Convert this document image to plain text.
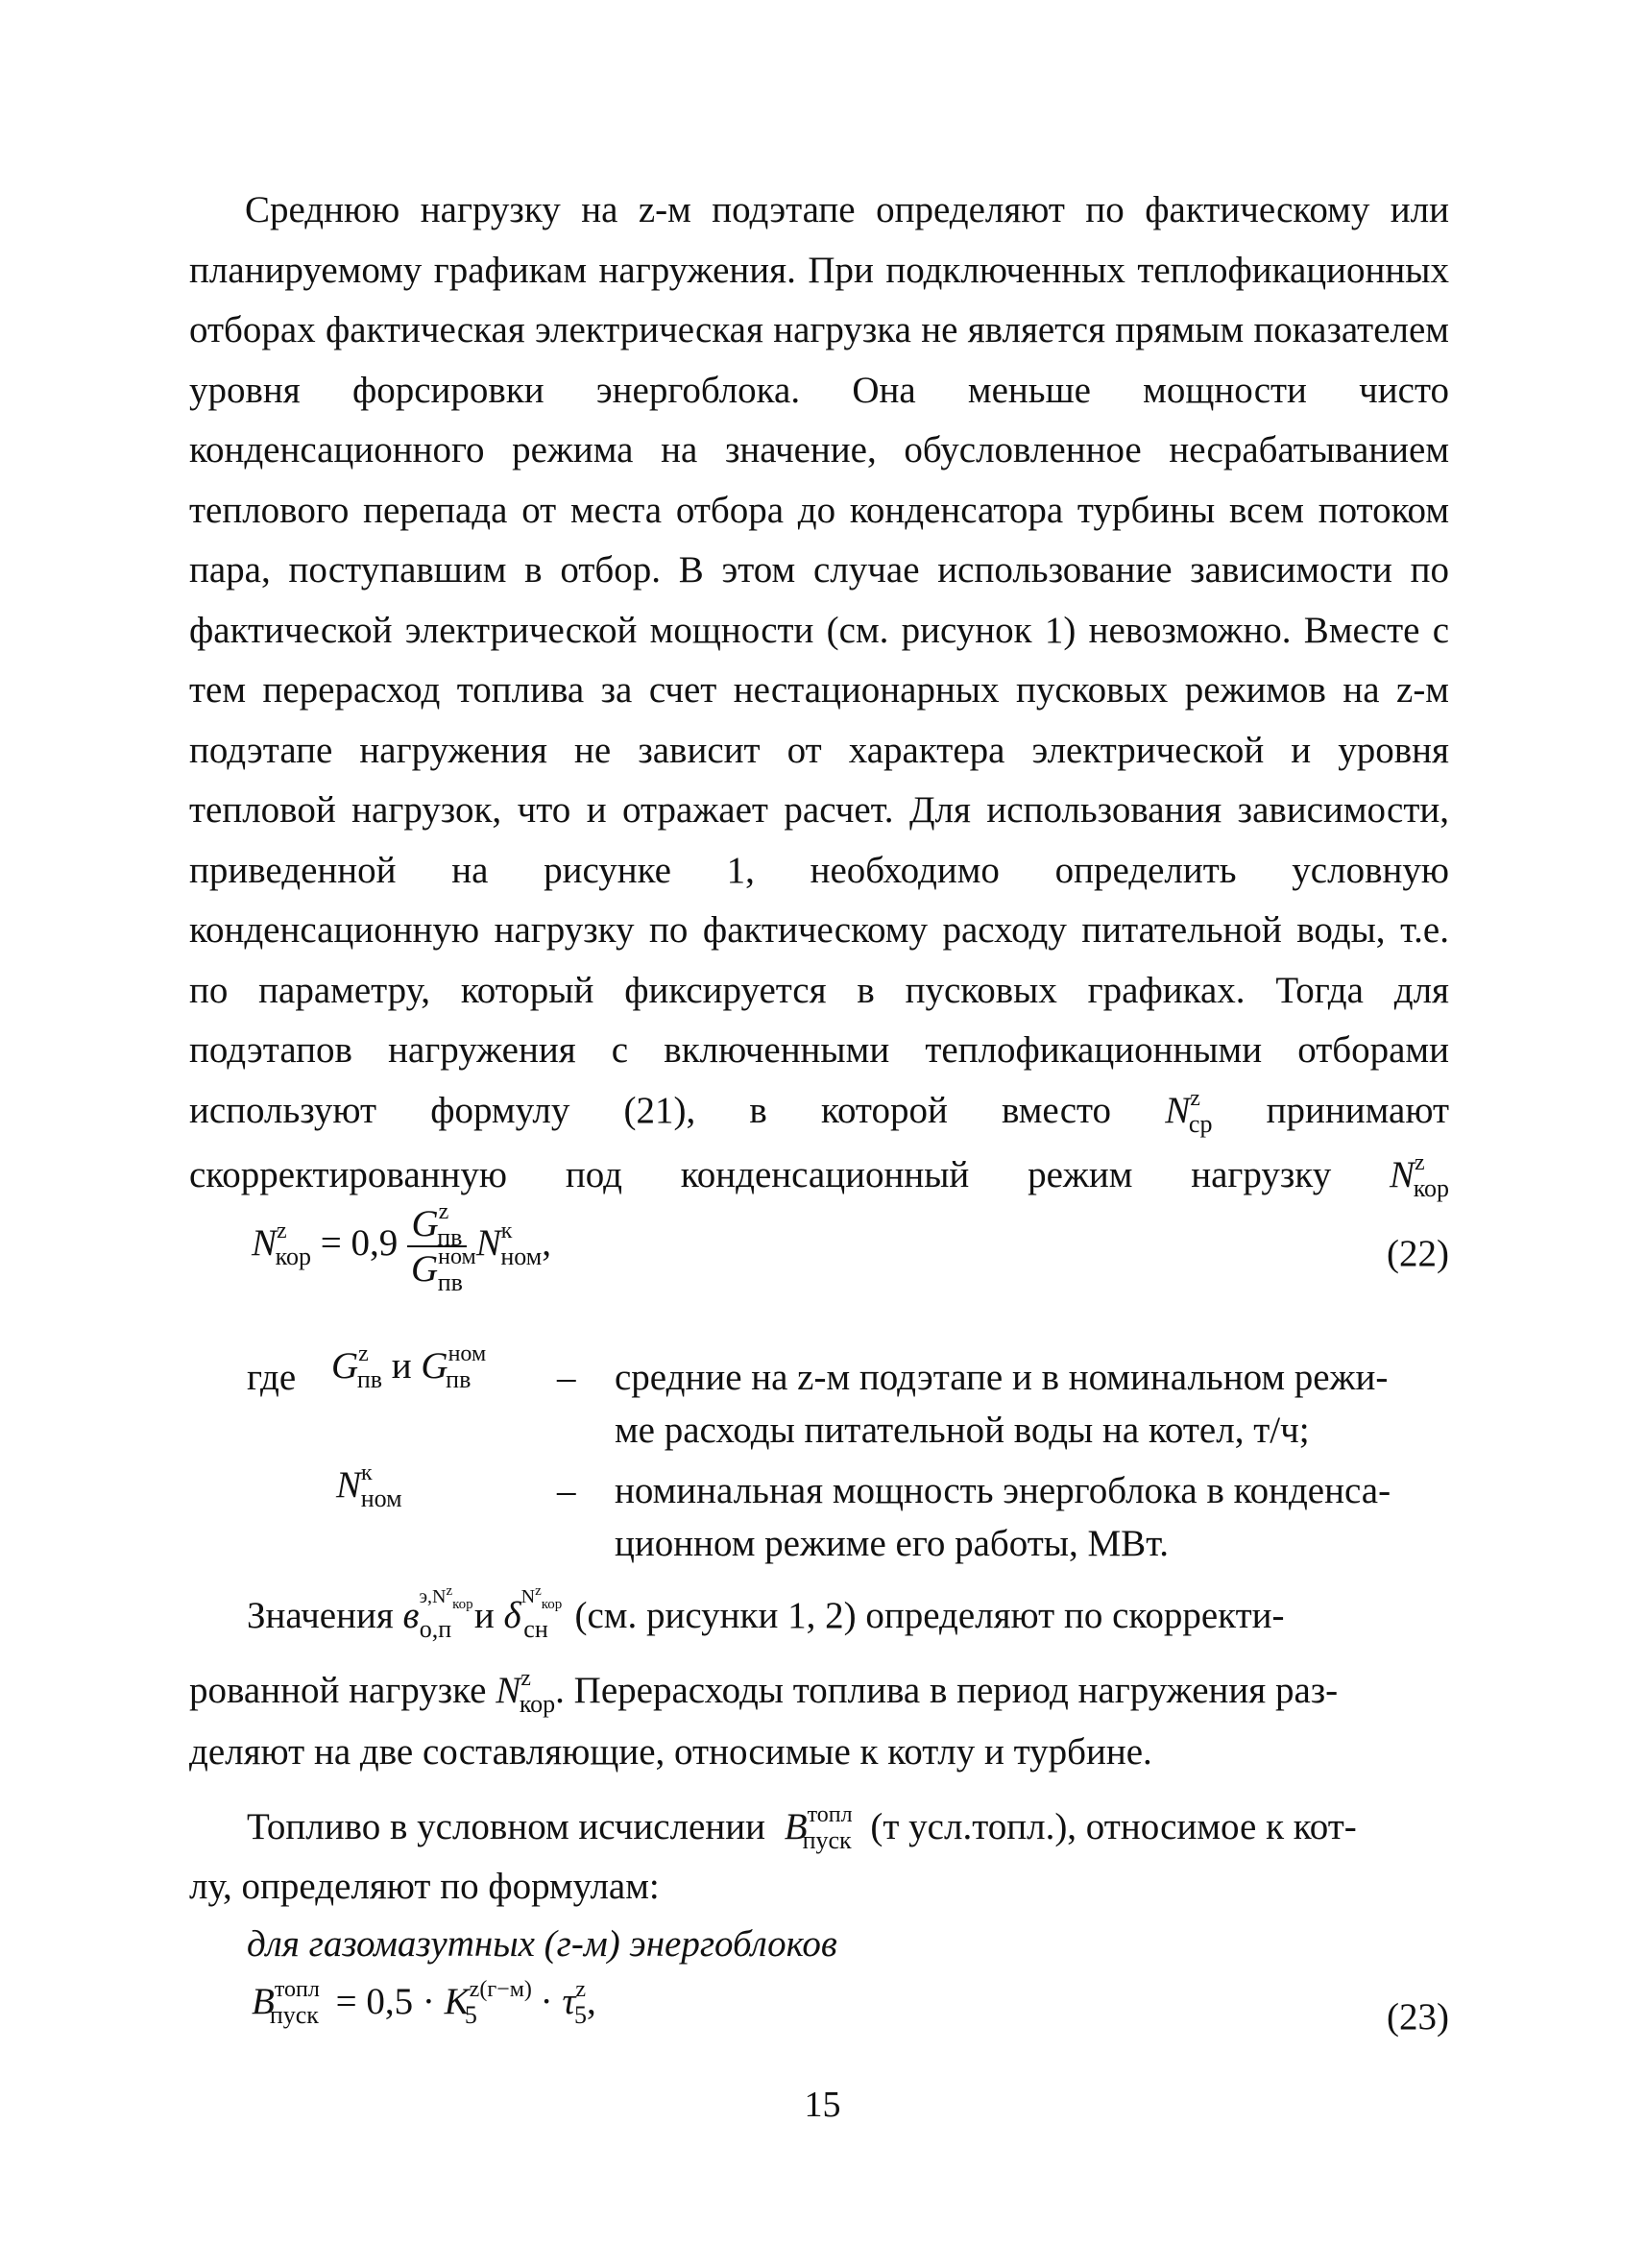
Среднюю нагрузку на z-м подэтапе определяют по фактическому или планируемому графикам нагружения. При подключенных теплофикационных отборах фактическая электрическая нагрузка не является прямым показателем уровня форсировки энергоблока. Она меньше мощности чисто конденсационного режима на значение, обусловленное несрабатыванием теплового перепада от места отбора до конденсатора турбины всем потоком пара, поступавшим в отбор. В этом случае использование зависимости по фактической электрической мощности (см. рисунок 1) невозможно. Вместе с тем перерасход топлива за счет нестационарных пусковых режимов на z-м подэтапе нагружения не зависит от характера электрической и уровня тепловой нагрузок, что и отражает расчет. Для использования зависимости, приведенной на рисунке 1, необходимо определить условную конденсационную нагрузку по фактическому расходу питательной воды, т.е. по параметру, который фиксируется в пусковых графиках. Тогда для подэтапов нагружения с включенными теплофикационными отборами используют формулу (21), в которой вместо $N^z_{ср}$ принимают скорректированную под конденсационный режим нагрузку $N^z_{кор}$

$N^z_{кор} = 0,9 \frac{G^z_{пв}}{G^{ном}_{пв}} N^к_{ном}$,	(22)
где $G^z_{пв}$ и $G^{ном}_{пв}$ – средние на z-м подэтапе и в номинальном режи-
ме расходы питательной воды на котел, т/ч;
$N^к_{ном}$	– номинальная мощность энергоблока в конденса-
ционном режиме его работы, МВт.
Значения $в^{э,N^z_{кор}}_{о,п}$ и $\delta^{N^z_{кор}}_{сн}$ (см. рисунки 1, 2) определяют по скорректи-
рованной нагрузке $N^z_{кор}$. Перерасходы топлива в период нагружения раз-
деляют на две составляющие, относимые к котлу и турбине.
Топливо в условном исчислении $B^{топл}_{пуск}$ (т усл.топл.), относимое к кот-
лу, определяют по формулам:
для газомазутных (г-м) энергоблоков
$B^{топл}_{пуск} = 0,5 \cdot K^{z(г-м)}_5 \cdot \tau^z_5$,	(23)
15
